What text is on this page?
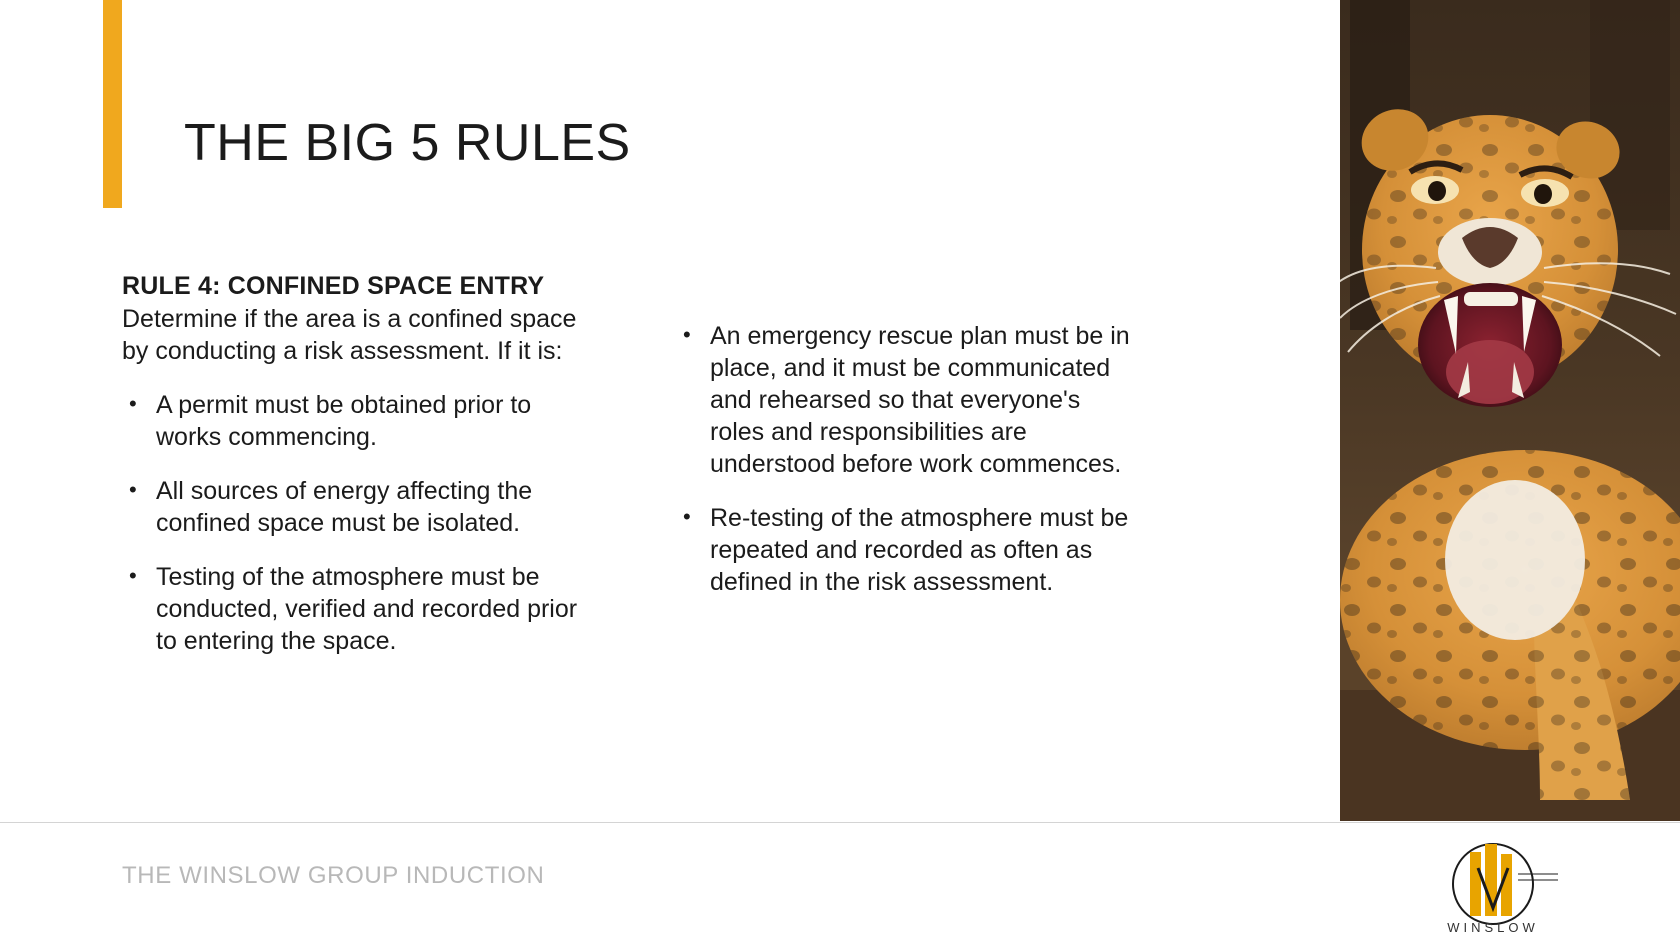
THE BIG 5 RULES
RULE 4: CONFINED SPACE ENTRY

Determine if the area is a confined space by conducting a risk assessment. If it is:

• A permit must be obtained prior to works commencing.
• All sources of energy affecting the confined space must be isolated.
• Testing of the atmosphere must be conducted, verified and recorded prior to entering the space.
• An emergency rescue plan must be in place, and it must be communicated and rehearsed so that everyone's roles and responsibilities are understood before work commences.
• Re-testing of the atmosphere must be repeated and recorded as often as defined in the risk assessment.
THE WINSLOW GROUP INDUCTION
WINSLOW
